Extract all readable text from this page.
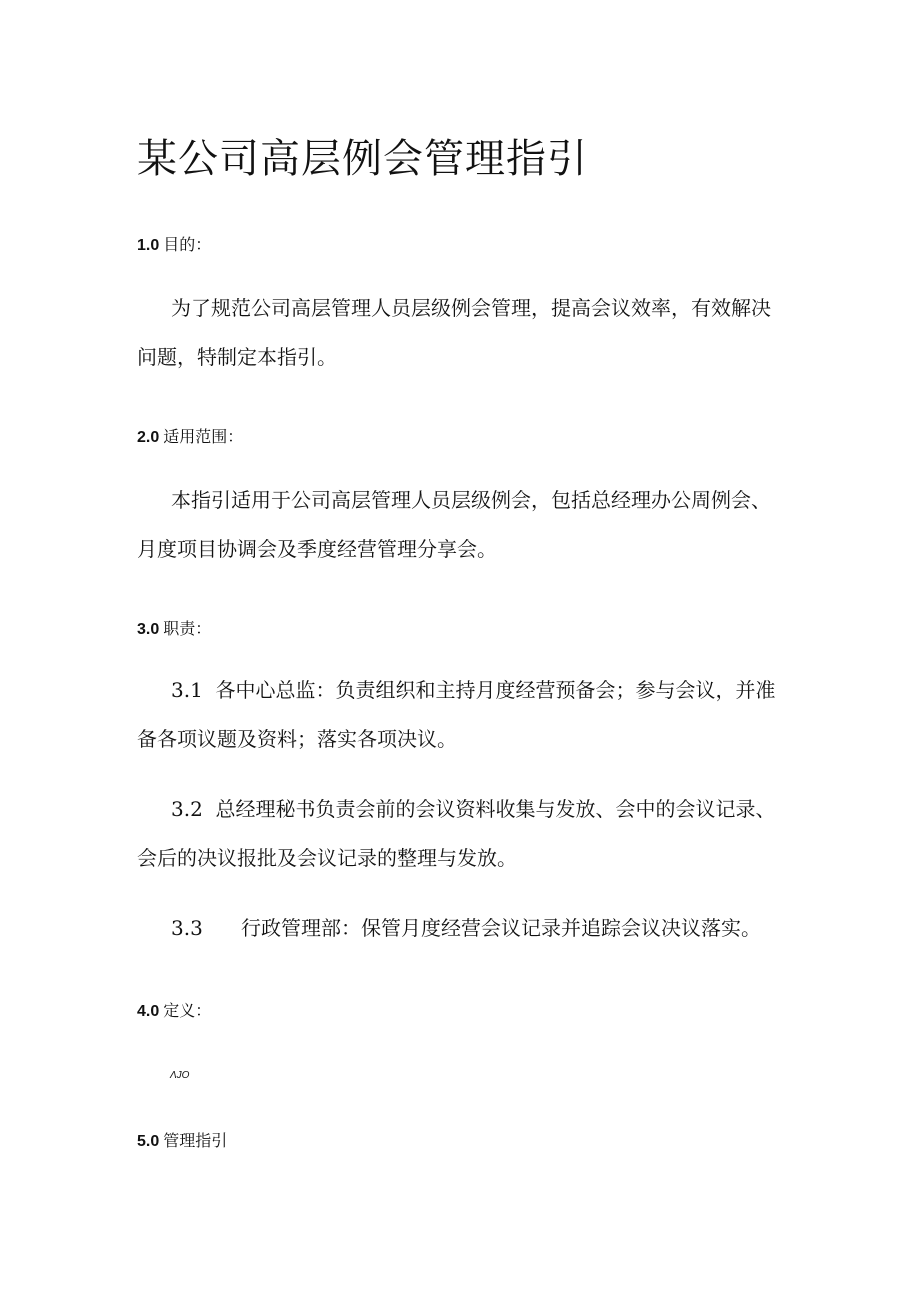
某公司高层例会管理指引
1.0 目的：

为了规范公司高层管理人员层级例会管理，提高会议效率，有效解决问题，特制定本指引。

2.0 适用范围：

本指引适用于公司高层管理人员层级例会，包括总经理办公周例会、月度项目协调会及季度经营管理分享会。

3.0 职责：

3.1 各中心总监：负责组织和主持月度经营预备会；参与会议，并准备各项议题及资料；落实各项决议。

3.2 总经理秘书负责会前的会议资料收集与发放、会中的会议记录、会后的决议报批及会议记录的整理与发放。

3.3 行政管理部：保管月度经营会议记录并追踪会议决议落实。

4.0 定义：
ΛJO
5.0 管理指引
